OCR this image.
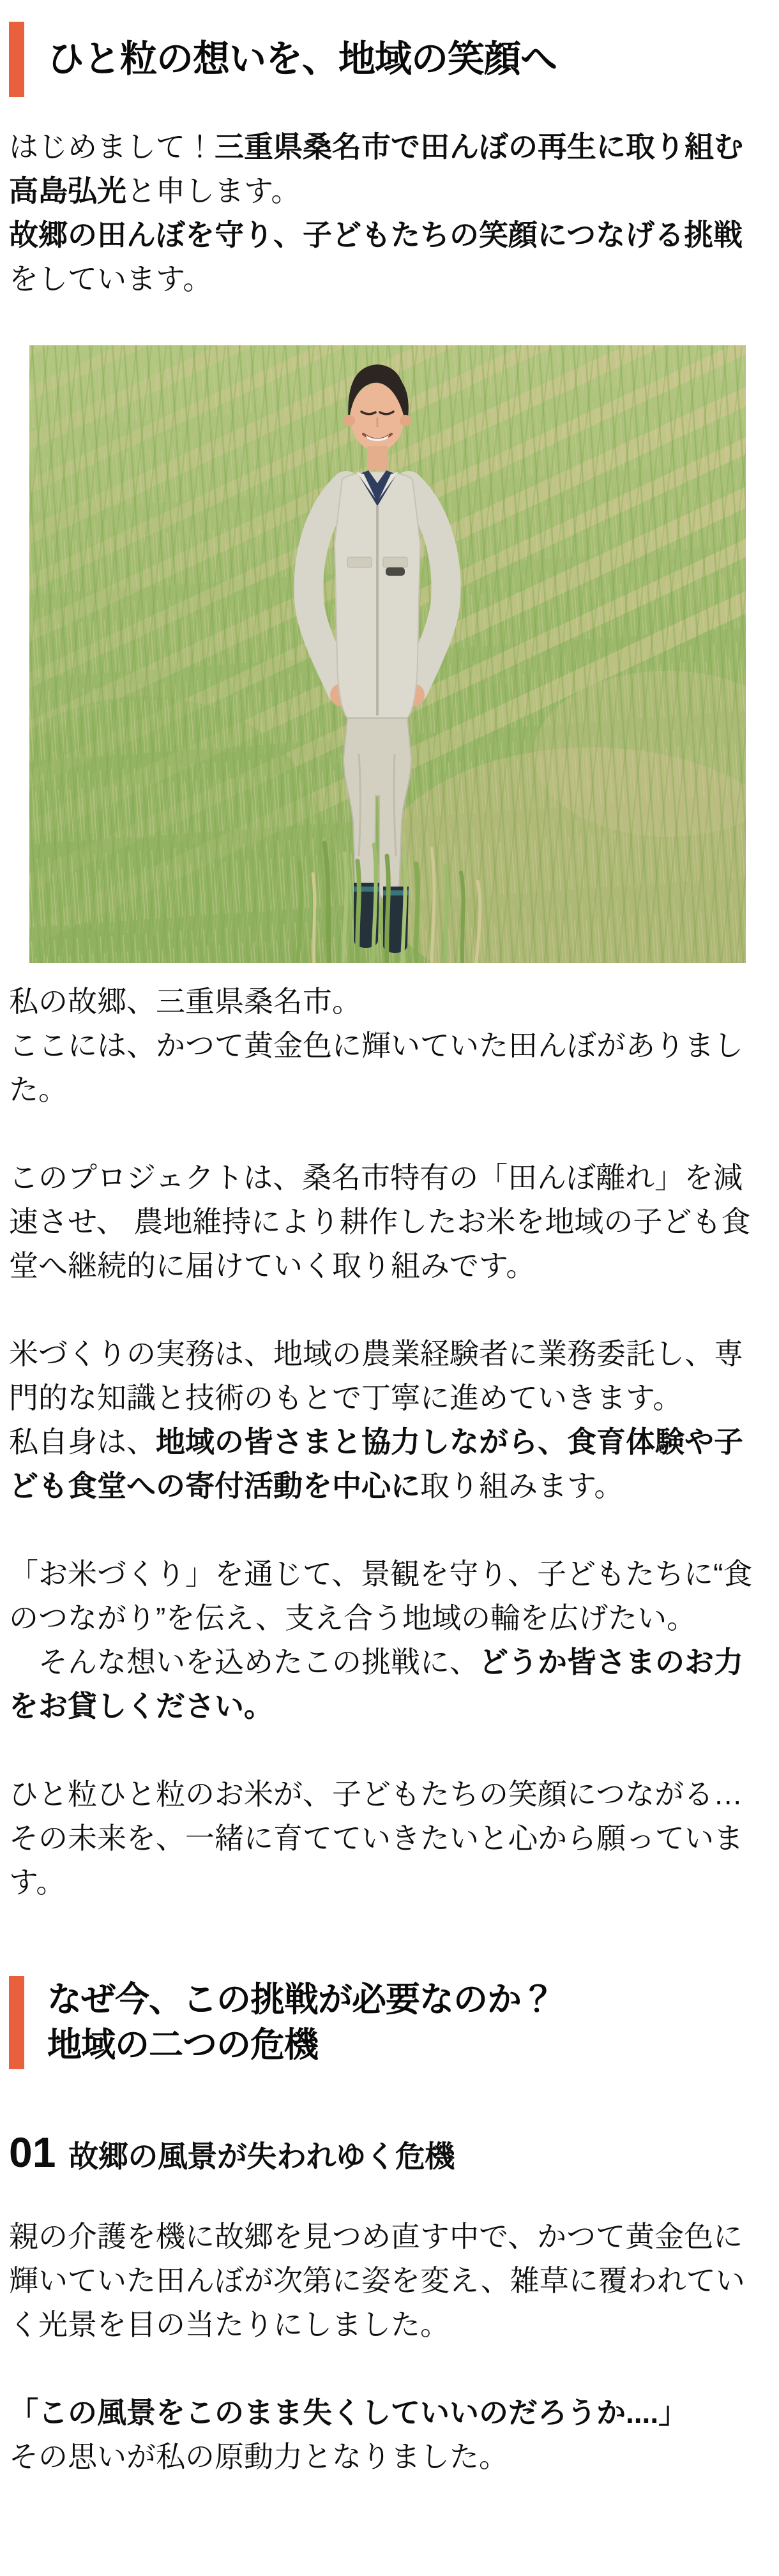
ひと粒の想いを、地域の笑顔へ

はじめまして！三重県桑名市で田んぼの再生に取り組む高島弘光と申します。
故郷の田んぼを守り、子どもたちの笑顔につなげる挑戦をしています。

私の故郷、三重県桑名市。
ここには、かつて黄金色に輝いていた田んぼがありました。

このプロジェクトは、桑名市特有の「田んぼ離れ」を減速させ、 農地維持により耕作したお米を地域の子ども食堂へ継続的に届けていく取り組みです。

米づくりの実務は、地域の農業経験者に業務委託し、専門的な知識と技術のもとで丁寧に進めていきます。
私自身は、地域の皆さまと協力しながら、食育体験や子ども食堂への寄付活動を中心に取り組みます。

「お米づくり」を通じて、景観を守り、子どもたちに“食のつながり”を伝え、支え合う地域の輪を広げたい。
　そんな想いを込めたこの挑戦に、どうか皆さまのお力をお貸しください。

ひと粒ひと粒のお米が、子どもたちの笑顔につながる…
その未来を、一緒に育てていきたいと心から願っています。

なぜ今、この挑戦が必要なのか？
地域の二つの危機
01 故郷の風景が失われゆく危機

親の介護を機に故郷を見つめ直す中で、かつて黄金色に輝いていた田んぼが次第に姿を変え、雑草に覆われていく光景を目の当たりにしました。

「この風景をこのまま失くしていいのだろうか....」
その思いが私の原動力となりました。
